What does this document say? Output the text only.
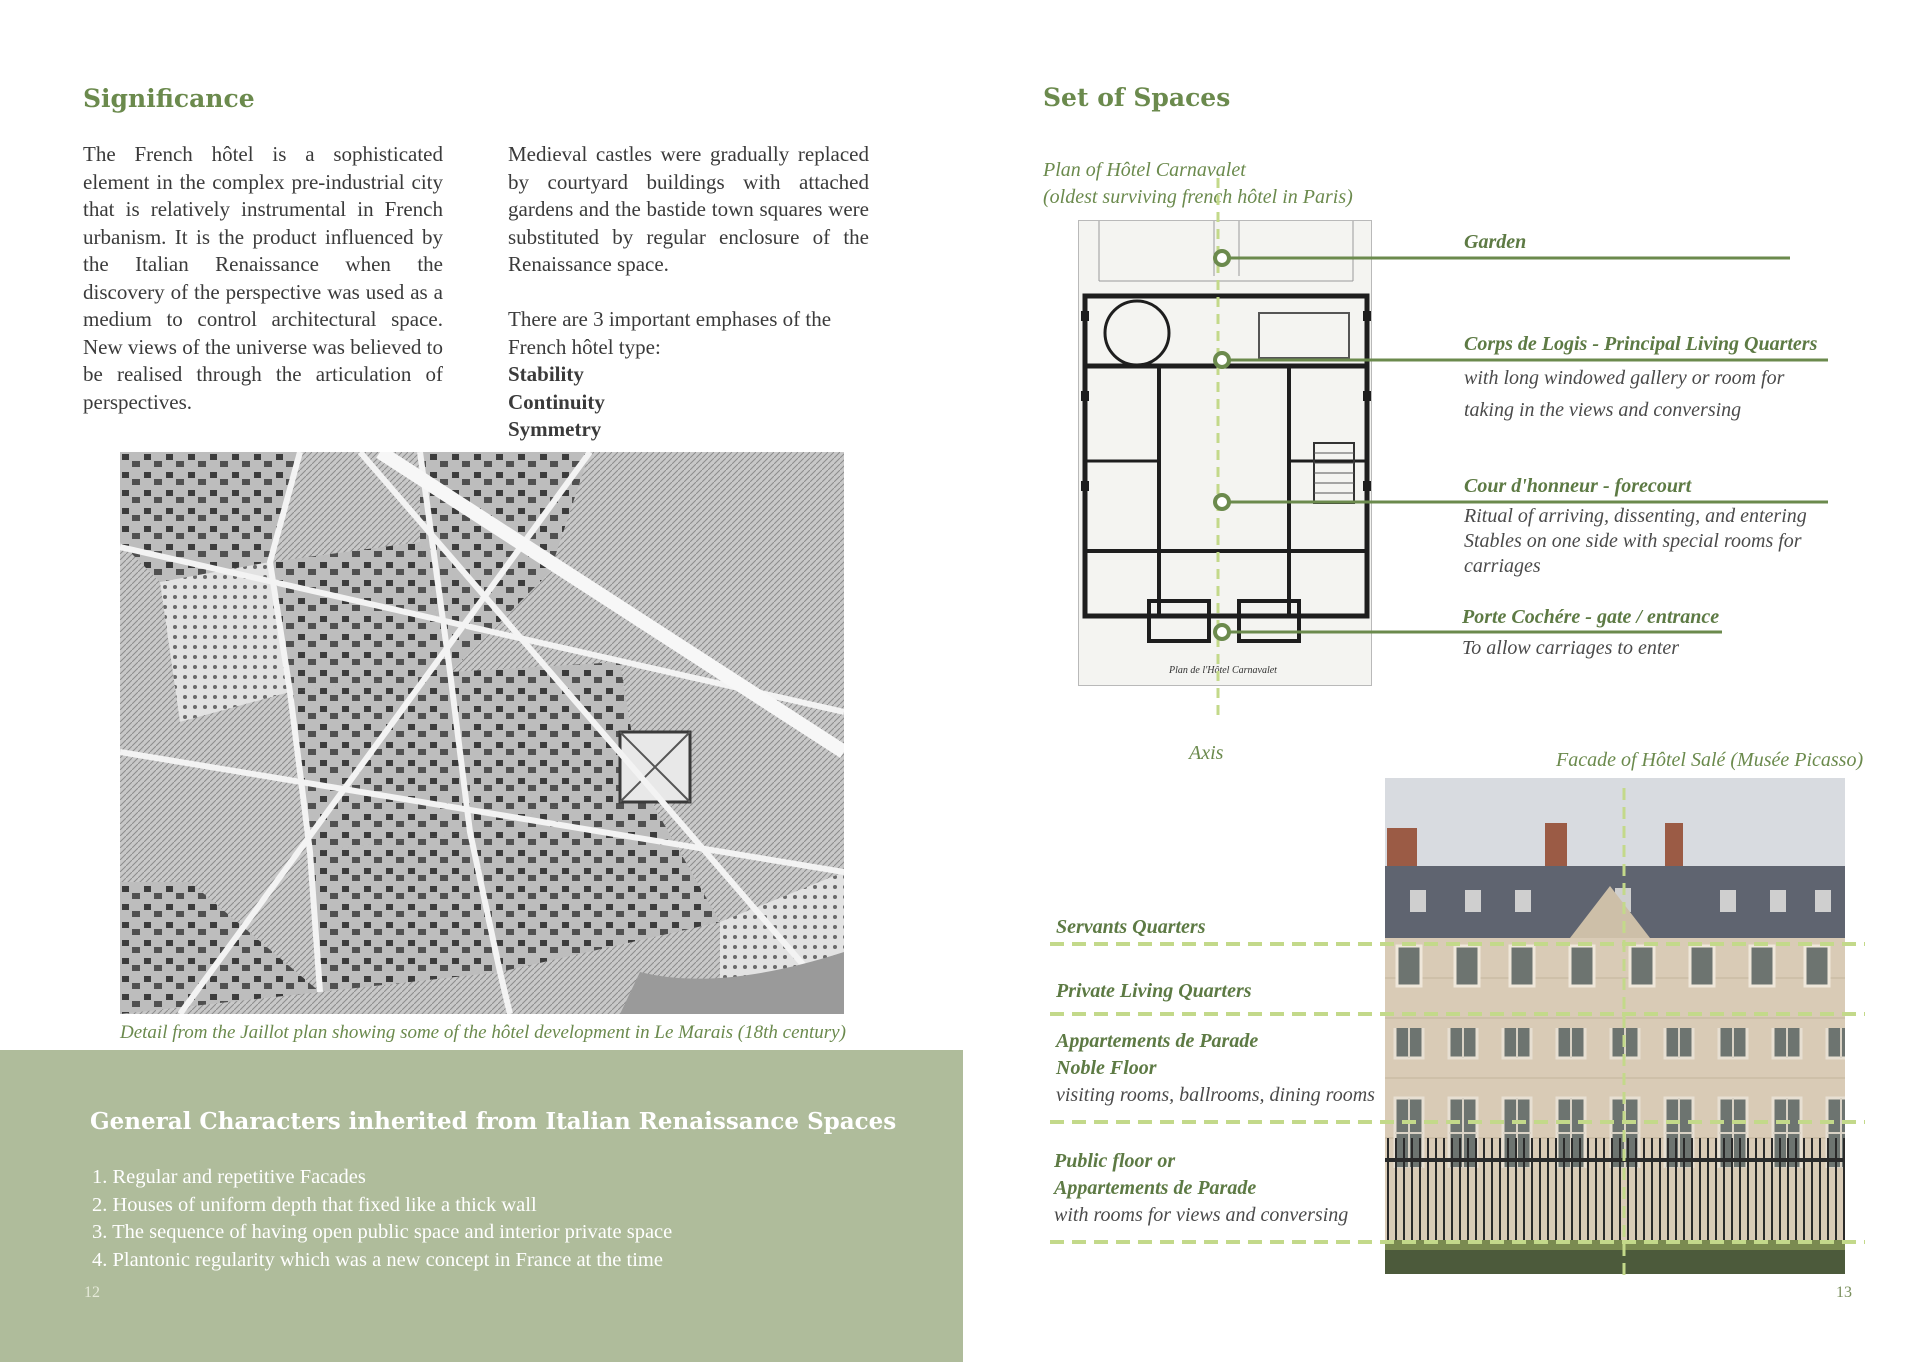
Significance
The French hôtel is a sophisticated element in the complex pre-industrial city that is relatively instrumental in French urbanism. It is the product influenced by the Italian Renaissance when the discovery of the perspective was used as a medium to control architectural space. New views of the universe was believed to be realised through the articulation of perspectives.
Medieval castles were gradually replaced by courtyard buildings with attached gardens and the bastide town squares were substituted by regular enclosure of the Renaissance space.
There are 3 important emphases of the French hôtel type:
Stability
Continuity
Symmetry
Detail from the Jaillot plan showing some of the hôtel development in Le Marais (18th century)
General Characters inherited from Italian Renaissance Spaces
1. Regular and repetitive Facades
2. Houses of uniform depth that fixed like a thick wall
3. The sequence of having open public space and interior private space
4. Plantonic regularity which was a new concept in France at the time
12
Set of Spaces
Plan of Hôtel Carnavalet
(oldest surviving french hôtel in Paris)
Plan de l'Hôtel Carnavalet
Axis
Garden
Corps de Logis - Principal Living Quarters
with long windowed gallery or room for
taking in the views and conversing
Cour d'honneur - forecourt
Ritual of arriving, dissenting, and entering
Stables on one side with special rooms for
carriages
Porte Cochére - gate / entrance
To allow carriages to enter
Facade of Hôtel Salé (Musée Picasso)
Servants Quarters
Private Living Quarters
Appartements de Parade
Noble Floor
visiting rooms, ballrooms, dining rooms
Public floor or
Appartements de Parade
with rooms for views and conversing
13
